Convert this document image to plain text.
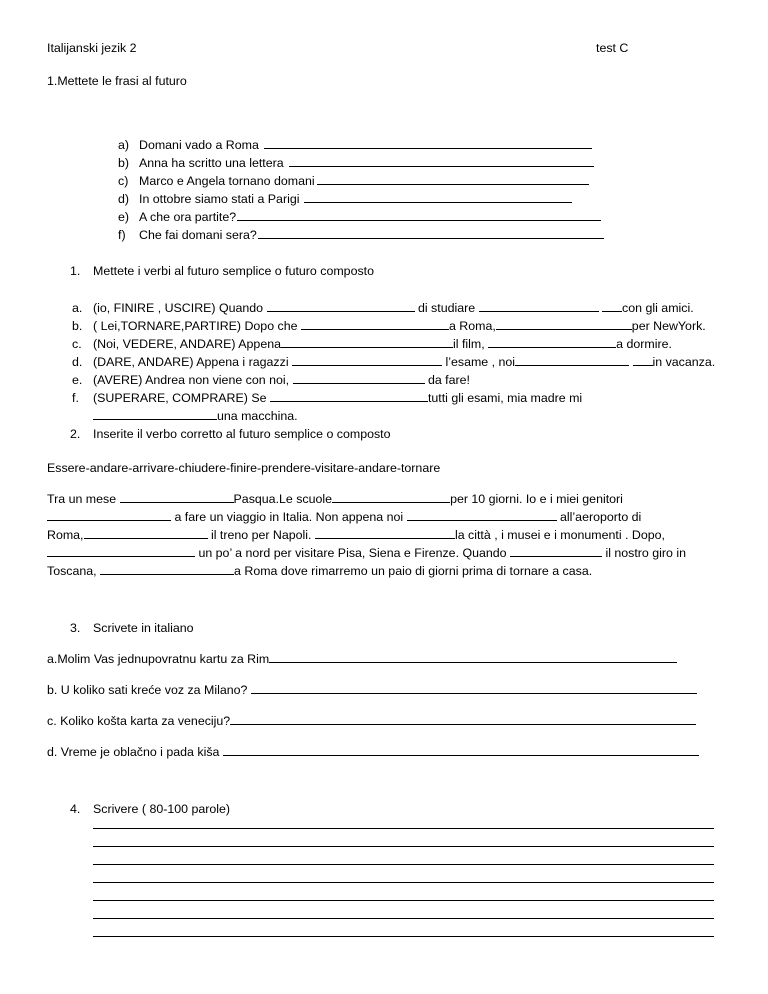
Italijanski jezik 2	test C
1.Mettete le frasi al futuro
a) Domani vado a Roma
b) Anna ha scritto una lettera
c) Marco e Angela tornano domani
d) In ottobre siamo stati a Parigi
e) A che ora partite?
f) Che fai domani sera?
1. Mettete i verbi al futuro semplice o futuro composto
a. (io, FINIRE , USCIRE) Quando	di studiare	con gli amici.
b. ( Lei,TORNARE,PARTIRE) Dopo che	a Roma,	per NewYork.
c. (Noi, VEDERE, ANDARE) Appena	il film,	a dormire.
d. (DARE, ANDARE) Appena i ragazzi	l’esame , noi	in vacanza.
e. (AVERE) Andrea non viene con noi,	da fare!
f. (SUPERARE, COMPRARE) Se	tutti gli esami, mia madre mi
una macchina.
2. Inserite il verbo corretto al futuro semplice o composto
Essere-andare-arrivare-chiudere-finire-prendere-visitare-andare-tornare
Tra un mese	Pasqua.Le scuole	per 10 giorni. Io e i miei genitori
a fare un viaggio in Italia. Non appena noi	all’aeroporto di
Roma,	il treno per Napoli.	la città , i musei e i monumenti . Dopo,
un po’ a nord per visitare Pisa, Siena e Firenze. Quando	il nostro giro in
Toscana,	a Roma dove rimarremo un paio di giorni prima di tornare a casa.
3. Scrivete in italiano
a.Molim Vas jednupovratnu kartu za Rim
b. U koliko sati kreće voz za Milano?
c. Koliko košta karta za veneciju?
d. Vreme je oblačno i pada kiša
4. Scrivere ( 80-100 parole)
